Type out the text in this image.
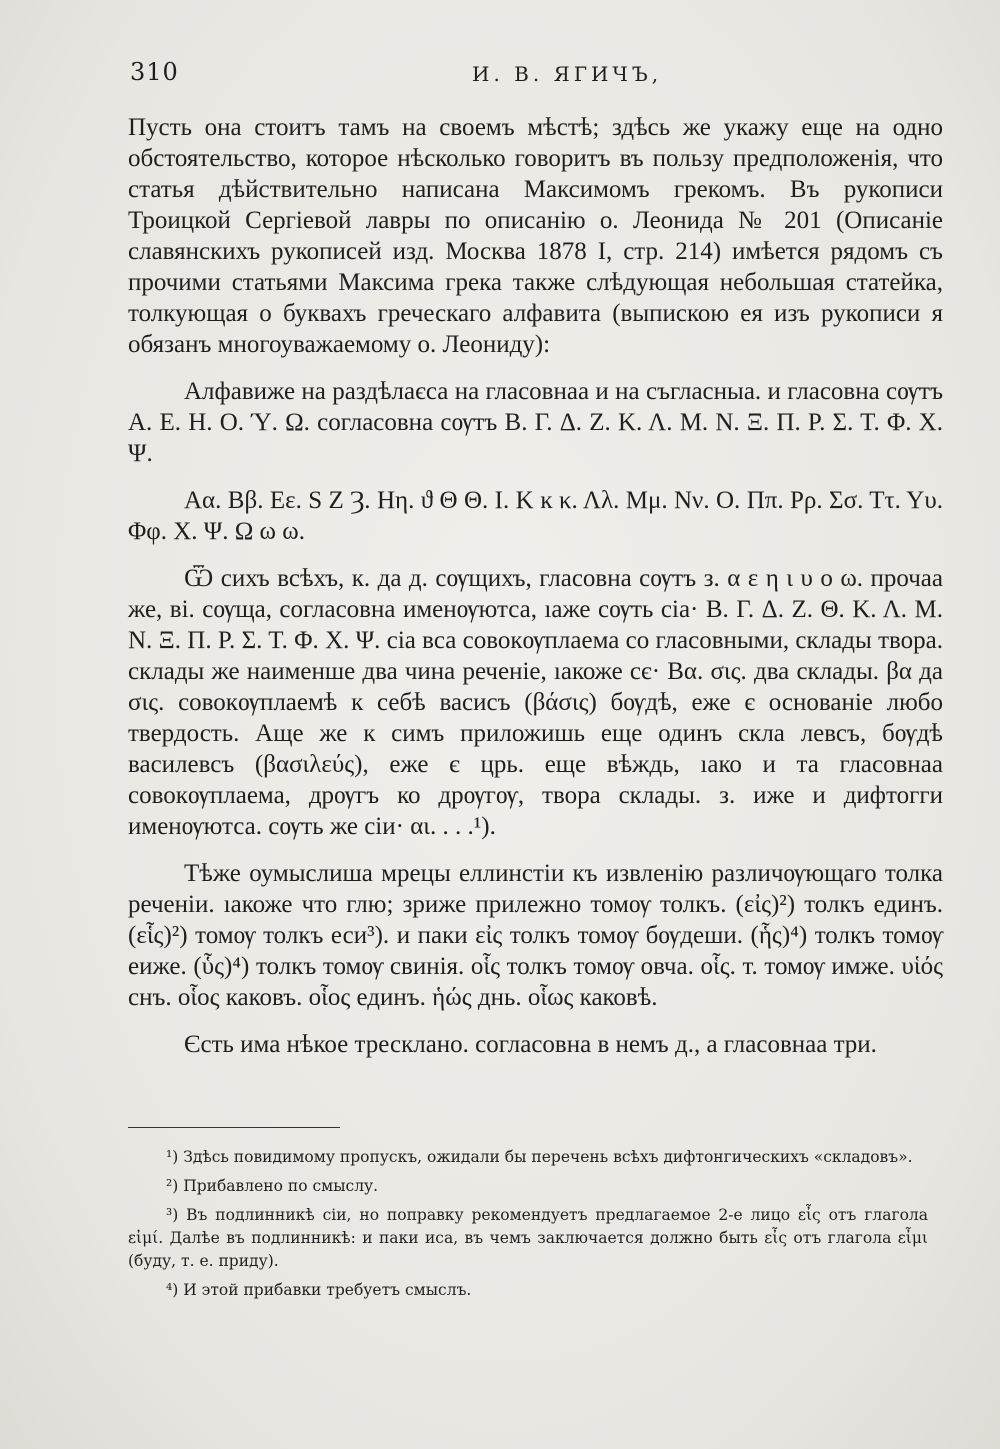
310	И. В. ЯГИЧЪ,

Пусть она стоитъ тамъ на своемъ мѣстѣ; здѣсь же укажу еще на одно обстоятельство, которое нѣсколько говоритъ въ пользу предположенія, что статья дѣйствительно написана Максимомъ грекомъ. Въ рукописи Троицкой Сергіевой лавры по описанію о. Леонида № 201 (Описаніе славянскихъ рукописей изд. Москва 1878 I, стр. 214) имѣется рядомъ съ прочими статьями Максима грека также слѣдующая небольшая статейка, толкующая о буквахъ греческаго алфавита (выпискою ея изъ рукописи я обязанъ многоуважаемому о. Леониду):

Алфавиже на раздѣлаєса на гласовнаа и на съгласныа. и гласовна сѹтъ А. Е. Н. О. Ύ. Ω. согласовна сѹтъ В. Г. Δ. Ζ. Κ. Λ. Μ. Ν. Ξ. Π. Ρ. Σ. Τ. Φ. Χ. Ψ.

Αα. Ββ. Εε. S Ζ Ȝ. Ηη. ϑ Θ Θ. Ι. Κ ĸ κ. Λλ. Μμ. Νν. Ο. Ππ. Ρρ. Σσ. Ττ. Υυ. Φφ. Χ. Ψ. Ω ω ω.

Ѿ сихъ всѣхъ, к. да д. сѹщихъ, гласовна сѹтъ з. α ε η ι υ ο ω. прочаа же, ві. сѹща, согласовна именѹютса, ıaже сѹть сіа· В. Г. Δ. Ζ. Θ. Κ. Λ. Μ. Ν. Ξ. Π. Ρ. Σ. Τ. Φ. Χ. Ψ. сіа вса совокѹплаема со гласовными, склады твора. склады же наименше два чина реченіе, ıакоже сє· Βα. σις. два склады. βα да σις. совокѹплаемѣ к себѣ васисъ (βάσις) бѹдѣ, еже є основаніе любо твердость. Аще же к симъ приложишь еще одинъ скла левсъ, бѹдѣ василевсъ (βασιλεύς), еже є црь. еще вѣждь, ıако и та гласовнаа совокѹплаема, дрѹгъ ко дрѹгѹ, твора склады. з. иже и дифтогги именѹютса. сѹть же сіи· αι. . . .¹).

Тѣже оумыслиша мрецы еллинстіи къ извленію различѹющаго толка реченіи. ıакоже что глю; зриже прилежно томѹ толкъ. (εἰς)²) толкъ единъ. (εἷς)²) томѹ толкъ еси³). и паки εἰς толкъ томѹ бѹдеши. (ἧς)⁴) толкъ томѹ еиже. (ὗς)⁴) толкъ томѹ свинія. οἷς толкъ томѹ овча. οἷς. т. томѹ имже. υἱός снъ. οἷος каковъ. οἷος единъ. ἡώς днь. οἷως каковѣ.

Єсть има нѣкое тресклано. согласовна в немъ д., а гласовнаа три.

¹) Здѣсь повидимому пропускъ, ожидали бы перечень всѣхъ дифтонгическихъ «складовъ».

²) Прибавлено по смыслу.

³) Въ подлинникѣ сіи, но поправку рекомендуетъ предлагаемое 2-е лицо εἶς отъ глагола εἰμί. Далѣе въ подлинникѣ: и паки иса, въ чемъ заключается должно быть εἶς отъ глагола εἶμι (буду, т. е. приду).

⁴) И этой прибавки требуетъ смыслъ.
